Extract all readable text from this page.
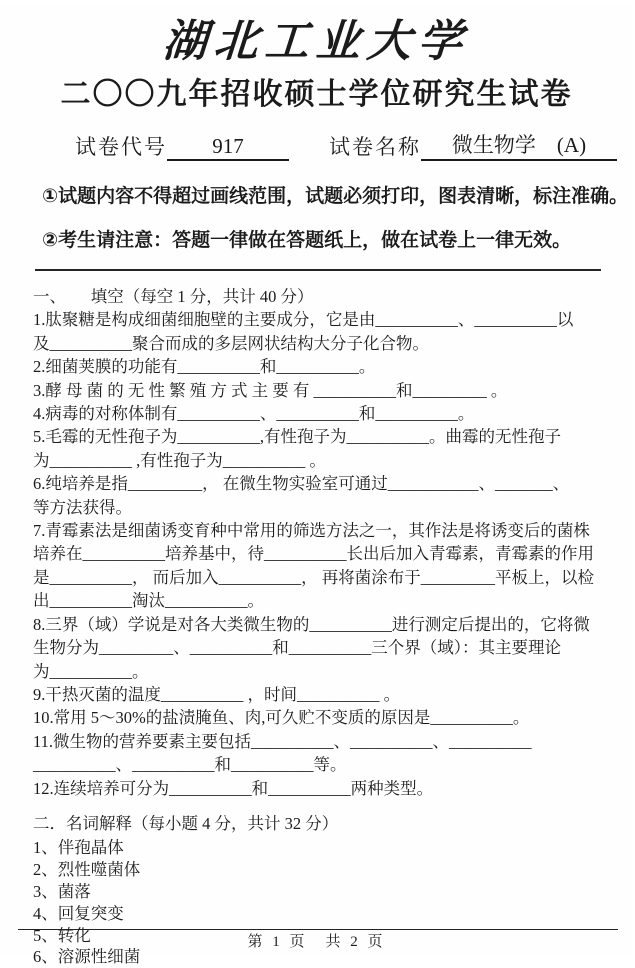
湖北工业大学
二〇〇九年招收硕士学位研究生试卷
试卷代号	917	试卷名称	微生物学　(A)
①试题内容不得超过画线范围，试题必须打印，图表清晰，标注准确。
②考生请注意：答题一律做在答题纸上，做在试卷上一律无效。
一、　　填空（每空 1 分，共计 40 分）
1.肽聚糖是构成细菌细胞壁的主要成分，它是由__________、__________以
及__________聚合而成的多层网状结构大分子化合物。
2.细菌荚膜的功能有__________和__________。
3.酵 母 菌 的 无 性 繁 殖 方 式 主 要 有 __________和_________ 。
4.病毒的对称体制有__________、__________和__________。
5.毛霉的无性孢子为__________,有性孢子为__________。曲霉的无性孢子
为__________ ,有性孢子为__________ 。
6.纯培养是指_________， 在微生物实验室可通过___________、_______、
等方法获得。
7.青霉素法是细菌诱变育种中常用的筛选方法之一，其作法是将诱变后的菌株
培养在__________培养基中，待__________长出后加入青霉素，青霉素的作用
是__________， 而后加入__________， 再将菌涂布于_________平板上，以检
出__________淘汰__________。
8.三界（域）学说是对各大类微生物的__________进行测定后提出的，它将微
生物分为_________、__________和__________三个界（域）：其主要理论
为__________。
9.干热灭菌的温度__________ ，时间__________ 。
10.常用 5～30%的盐渍腌鱼、肉,可久贮不变质的原因是__________。
11.微生物的营养要素主要包括__________、__________、__________
__________、__________和__________等。
12.连续培养可分为__________和__________两种类型。
二．名词解释（每小题 4 分，共计 32 分）
1、伴孢晶体
2、烈性噬菌体
3、菌落
4、回复突变
5、转化
6、溶源性细菌
第 1 页　共 2 页
